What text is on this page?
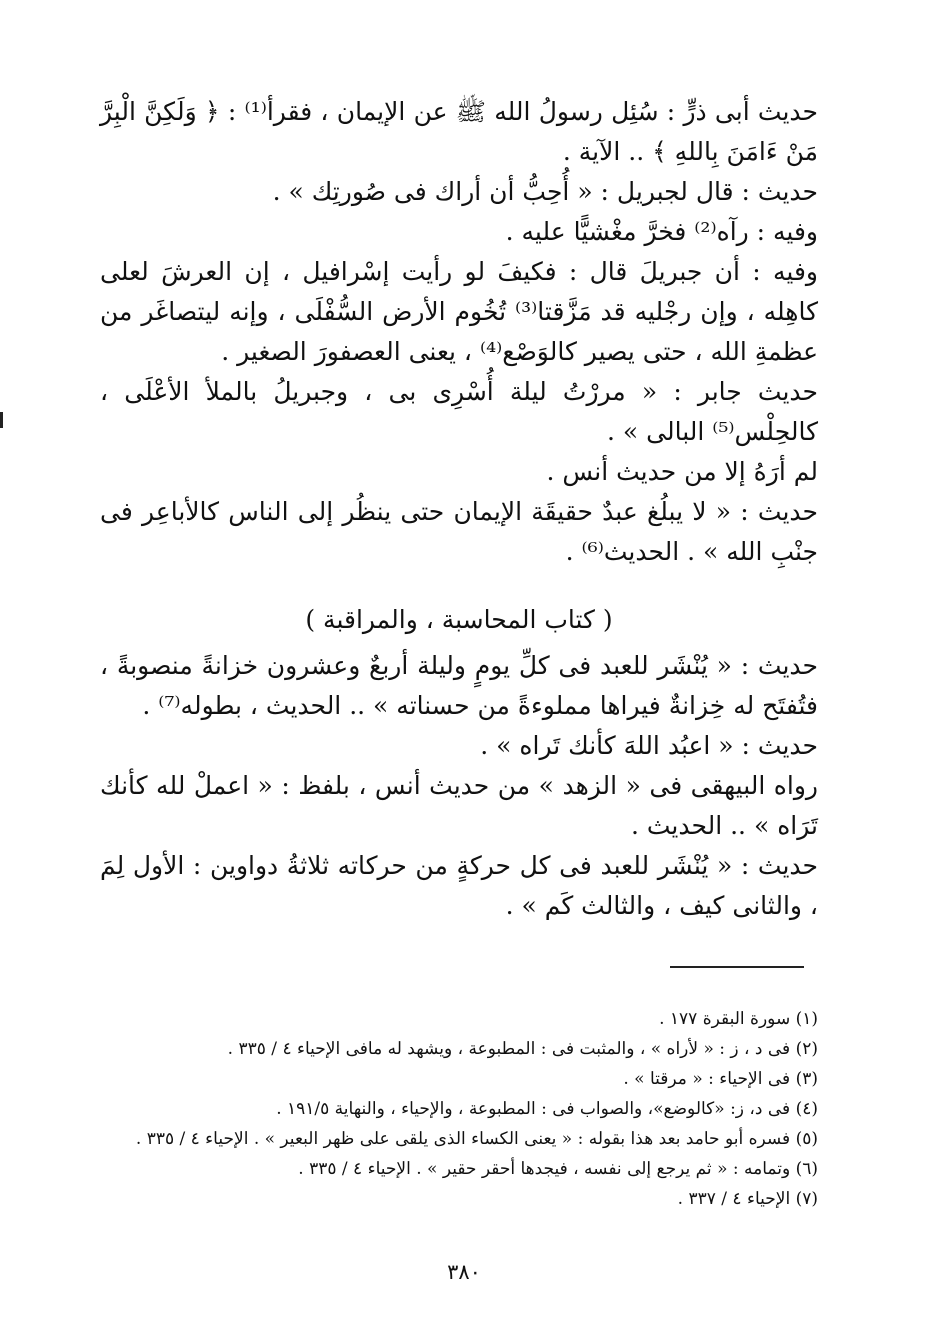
حديث أبى ذرٍّ : سُئِل رسولُ الله ﷺ عن الإيمان ، فقرأ⁽¹⁾ : ﴿ وَلَكِنَّ الْبِرَّ مَنْ ءَامَنَ بِاللهِ ﴾ .. الآية .

حديث : قال لجبريل : « أُحِبُّ أن أراك فى صُورتِك » .

وفيه : رآه⁽²⁾ فخرَّ مغْشيًّا عليه .

وفيه : أن جبريلَ قال : فكيفَ لو رأيت إسْرافيل ، إن العرشَ لعلى كاهِله ، وإن رجْليه قد مَزَّقتا⁽³⁾ تُخُوم الأرض السُّفْلَى ، وإنه ليتصاغَر من عظمةِ الله ، حتى يصير كالوَصْع⁽⁴⁾ ، يعنى العصفورَ الصغير .

حديث جابر : « مررْتُ ليلة أُسْرِى بى ، وجبريلُ بالملأ الأعْلَى ، كالحِلْس⁽⁵⁾ البالى » .

لم أرَهُ إلا من حديث أنس .

حديث : « لا يبلُغ عبدٌ حقيقَة الإيمان حتى ينظُر إلى الناس كالأباعِر فى جنْبِ الله » . الحديث⁽⁶⁾ .

( كتاب المحاسبة ، والمراقبة )

حديث : « يُنْشَر للعبد فى كلِّ يومٍ وليلة أربعٌ وعشرون خزانةً منصوبةً ، فتُفتَح له خِزانةٌ فيراها مملوءةً من حسناته » .. الحديث ، بطوله⁽⁷⁾ .

حديث : « اعبُد اللهَ كأنك تَراه » .

رواه البيهقى فى « الزهد » من حديث أنس ، بلفظ : « اعملْ لله كأنك تَرَاه » .. الحديث .

حديث : « يُنْشَر للعبد فى كل حركةٍ من حركاته ثلاثةُ دواوين : الأول لِمَ ، والثانى كيف ، والثالث كَم » .

(١) سورة البقرة ١٧٧ .

(٢) فى د ، ز : « لأراه » ، والمثبت فى : المطبوعة ، ويشهد له مافى الإحياء ٤ / ٣٣٥ .

(٣) فى الإحياء : « مرقتا » .

(٤) فى د، ز: «كالوضع»، والصواب فى : المطبوعة ، والإحياء ، والنهاية ١٩١/٥ .

(٥) فسره أبو حامد بعد هذا بقوله : « يعنى الكساء الذى يلقى على ظهر البعير » . الإحياء ٤ / ٣٣٥ .

(٦) وتمامه : « ثم يرجع إلى نفسه ، فيجدها أحقر حقير » . الإحياء ٤ / ٣٣٥ .

(٧) الإحياء ٤ / ٣٣٧ .

٣٨٠
